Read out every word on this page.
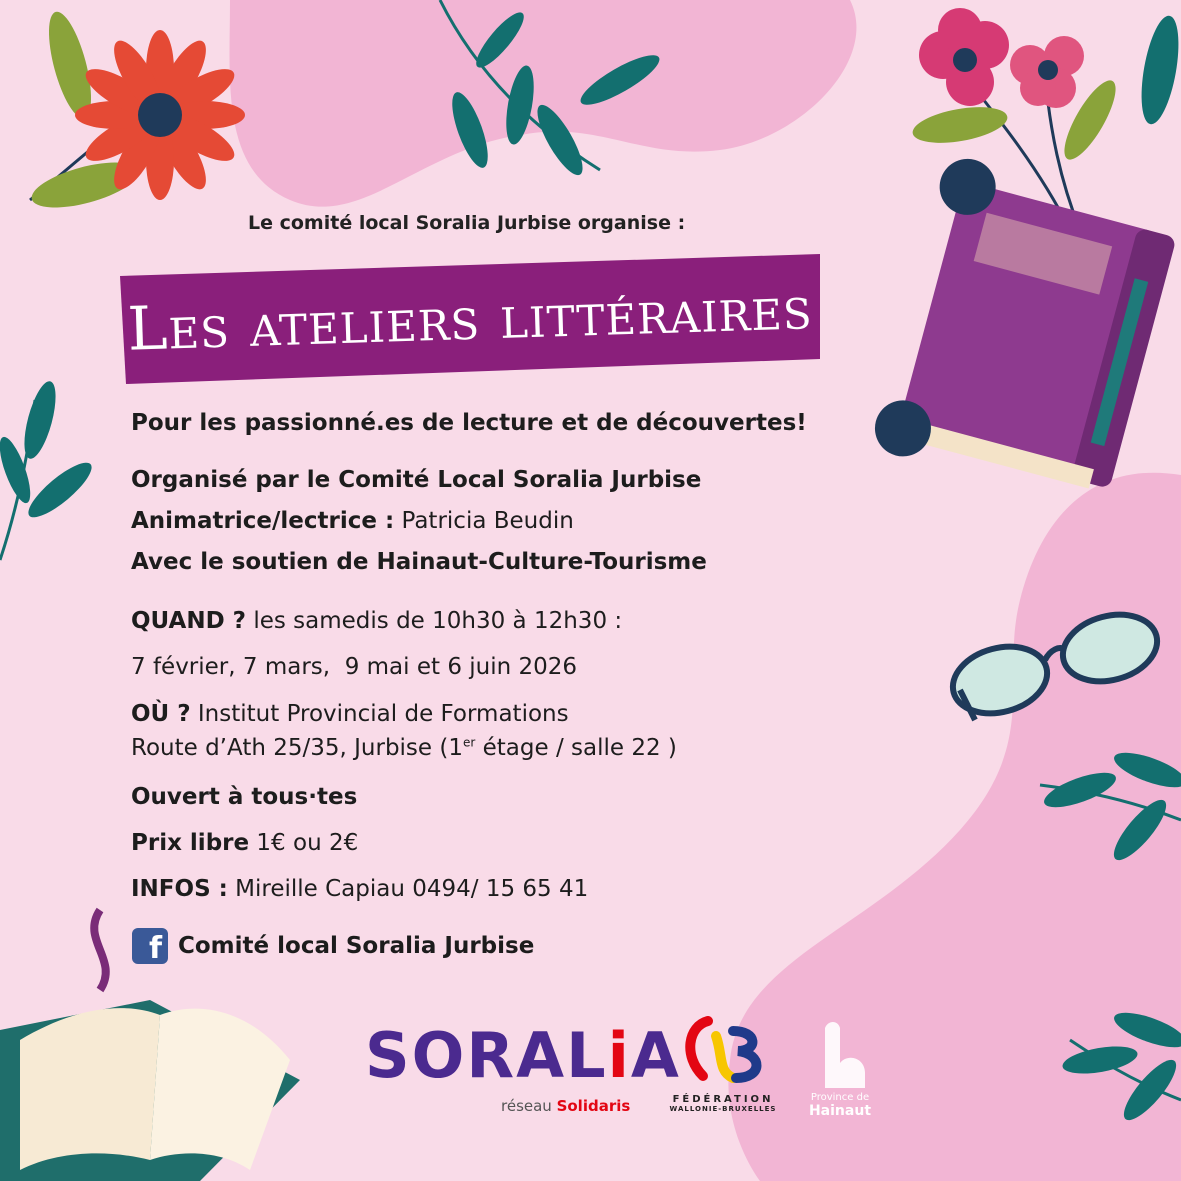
Le comité local Soralia Jurbise organise :
Les ateliers littéraires
Pour les passionné.es de lecture et de découvertes!
Organisé par le Comité Local Soralia Jurbise
Animatrice/lectrice : Patricia Beudin
Avec le soutien de Hainaut-Culture-Tourisme
QUAND ? les samedis de 10h30 à 12h30 :
7 février, 7 mars,  9 mai et 6 juin 2026
OÙ ? Institut Provincial de Formations
Route d’Ath 25/35, Jurbise (1er étage / salle 22 )
Ouvert à tous·tes
Prix libre 1€ ou 2€
INFOS : Mireille Capiau 0494/ 15 65 41
f Comité local Soralia Jurbise
SORALiA
réseau Solidaris	FÉDÉRATION
WALLONIE-BRUXELLES
Province de
Hainaut
